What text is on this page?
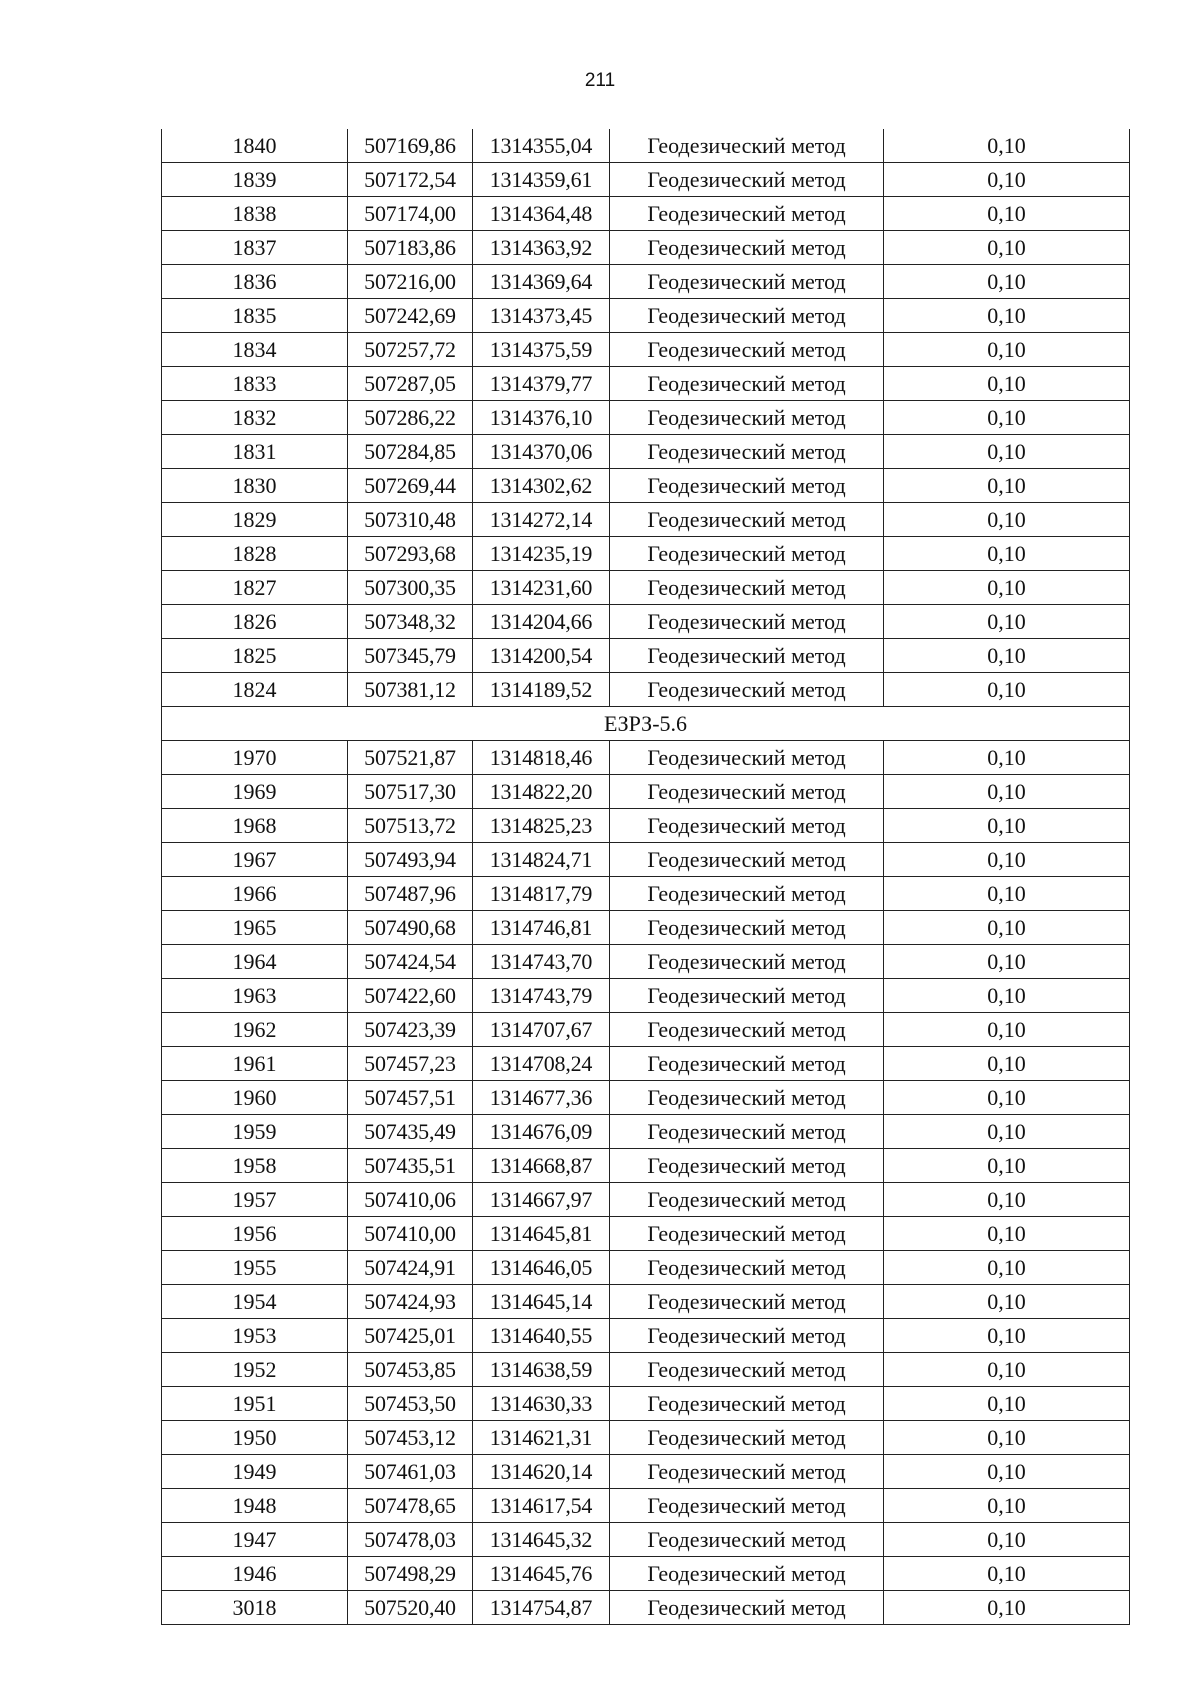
211
1840	507169,86	1314355,04	Геодезический метод	0,10
1839	507172,54	1314359,61	Геодезический метод	0,10
1838	507174,00	1314364,48	Геодезический метод	0,10
1837	507183,86	1314363,92	Геодезический метод	0,10
1836	507216,00	1314369,64	Геодезический метод	0,10
1835	507242,69	1314373,45	Геодезический метод	0,10
1834	507257,72	1314375,59	Геодезический метод	0,10
1833	507287,05	1314379,77	Геодезический метод	0,10
1832	507286,22	1314376,10	Геодезический метод	0,10
1831	507284,85	1314370,06	Геодезический метод	0,10
1830	507269,44	1314302,62	Геодезический метод	0,10
1829	507310,48	1314272,14	Геодезический метод	0,10
1828	507293,68	1314235,19	Геодезический метод	0,10
1827	507300,35	1314231,60	Геодезический метод	0,10
1826	507348,32	1314204,66	Геодезический метод	0,10
1825	507345,79	1314200,54	Геодезический метод	0,10
1824	507381,12	1314189,52	Геодезический метод	0,10
ЕЗРЗ-5.6				
1970	507521,87	1314818,46	Геодезический метод	0,10
1969	507517,30	1314822,20	Геодезический метод	0,10
1968	507513,72	1314825,23	Геодезический метод	0,10
1967	507493,94	1314824,71	Геодезический метод	0,10
1966	507487,96	1314817,79	Геодезический метод	0,10
1965	507490,68	1314746,81	Геодезический метод	0,10
1964	507424,54	1314743,70	Геодезический метод	0,10
1963	507422,60	1314743,79	Геодезический метод	0,10
1962	507423,39	1314707,67	Геодезический метод	0,10
1961	507457,23	1314708,24	Геодезический метод	0,10
1960	507457,51	1314677,36	Геодезический метод	0,10
1959	507435,49	1314676,09	Геодезический метод	0,10
1958	507435,51	1314668,87	Геодезический метод	0,10
1957	507410,06	1314667,97	Геодезический метод	0,10
1956	507410,00	1314645,81	Геодезический метод	0,10
1955	507424,91	1314646,05	Геодезический метод	0,10
1954	507424,93	1314645,14	Геодезический метод	0,10
1953	507425,01	1314640,55	Геодезический метод	0,10
1952	507453,85	1314638,59	Геодезический метод	0,10
1951	507453,50	1314630,33	Геодезический метод	0,10
1950	507453,12	1314621,31	Геодезический метод	0,10
1949	507461,03	1314620,14	Геодезический метод	0,10
1948	507478,65	1314617,54	Геодезический метод	0,10
1947	507478,03	1314645,32	Геодезический метод	0,10
1946	507498,29	1314645,76	Геодезический метод	0,10
3018	507520,40	1314754,87	Геодезический метод	0,10
